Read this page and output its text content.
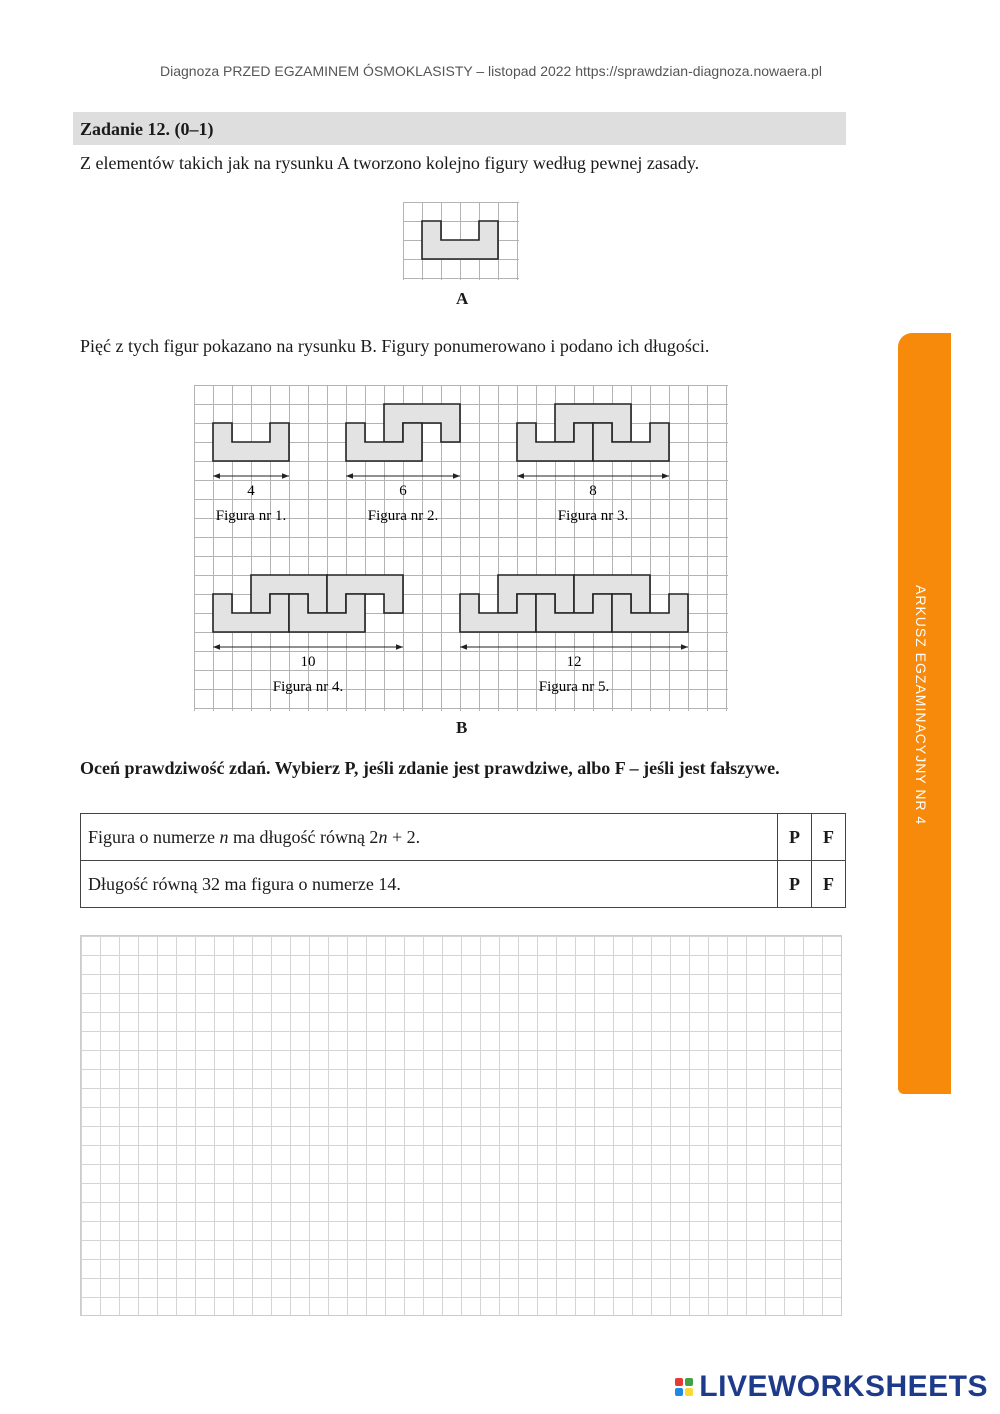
Diagnoza PRZED EGZAMINEM ÓSMOKLASISTY – listopad 2022 https://sprawdzian-diagnoza.nowaera.pl
Zadanie 12. (0–1)
Z elementów takich jak na rysunku A tworzono kolejno figury według pewnej zasady.
A
Pięć z tych figur pokazano na rysunku B. Figury ponumerowano i podano ich długości.
4
Figura nr 1.
6
Figura nr 2.
8
Figura nr 3.
10
Figura nr 4.
12
Figura nr 5.
B
Oceń prawdziwość zdań. Wybierz P, jeśli zdanie jest prawdziwe, albo F – jeśli jest fałszywe.
Figura o numerze n ma długość równą 2n + 2.	P	F
Długość równą 32 ma figura o numerze 14.	P	F
ARKUSZ EGZAMINACYJNY NR 4
LIVEWORKSHEETS
